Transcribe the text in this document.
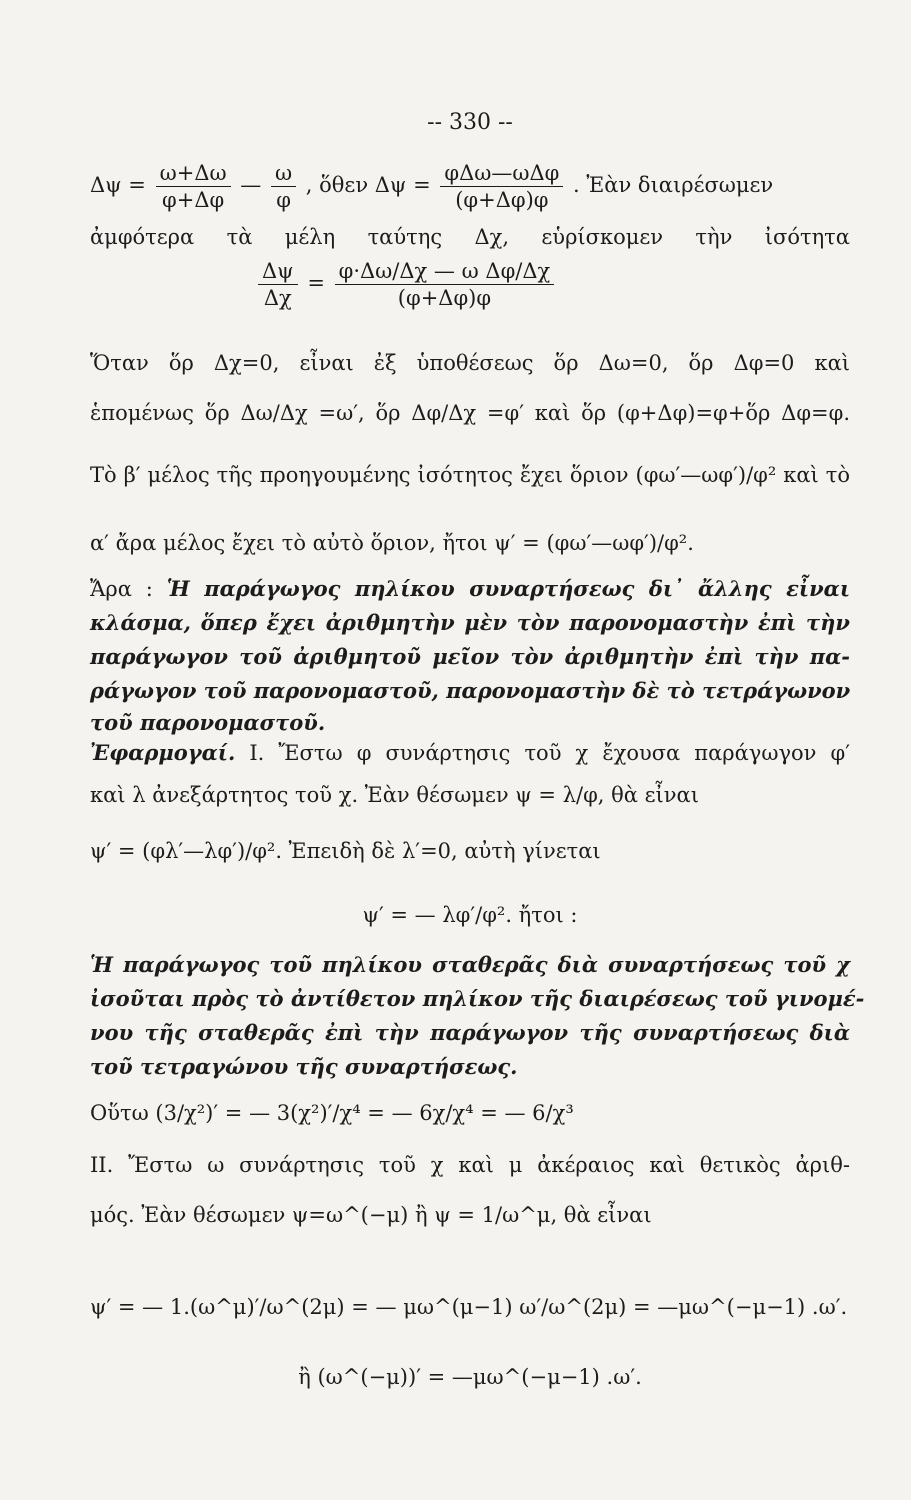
-- 330 --
$\Delta\psi = \frac{\omega+\Delta\omega}{\varphi+\Delta\varphi}$ — $\frac{\omega}{\varphi}$ , ὅθεν $\Delta\psi = \frac{\text{φΔω—ωΔφ}}{(\varphi+\Delta\varphi)\varphi}$ . Ἐὰν διαιρέσωμεν
ἀμφότερα τὰ μέλη ταύτης Δχ, εὑρίσκομεν τὴν ἰσότητα
$\frac{\Delta\psi}{\Delta\chi} = \frac{\text{φ·Δω/Δχ — ω Δφ/Δχ}}{(\varphi+\Delta\varphi)\varphi}$
Ὅταν ὅρ Δχ=0, εἶναι ἐξ ὑποθέσεως ὅρ Δω=0, ὅρ Δφ=0 καὶ
ἑπομένως ὅρ Δω/Δχ =ω′, ὅρ Δφ/Δχ =φ′ καὶ ὅρ (φ+Δφ)=φ+ὅρ Δφ=φ.
Τὸ β′ μέλος τῆς προηγουμένης ἰσότητος ἔχει ὅριον (φω′—ωφ′)/φ² καὶ τὸ
α′ ἄρα μέλος ἔχει τὸ αὐτὸ ὅριον, ἤτοι ψ′ = (φω′—ωφ′)/φ².
Ἄρα : Ἡ παράγωγος πηλίκου συναρτήσεως δι᾽ ἄλλης εἶναι
κλάσμα, ὅπερ ἔχει ἀριθμητὴν μὲν τὸν παρονομαστὴν ἐπὶ τὴν
παράγωγον τοῦ ἀριθμητοῦ μεῖον τὸν ἀριθμητὴν ἐπὶ τὴν πα-
ράγωγον τοῦ παρονομαστοῦ, παρονομαστὴν δὲ τὸ τετράγωνον
τοῦ παρονομαστοῦ.
Ἐφαρμογαί. I. Ἔστω φ συνάρτησις τοῦ χ ἔχουσα παράγωγον φ′
καὶ λ ἀνεξάρτητος τοῦ χ. Ἐὰν θέσωμεν ψ = λ/φ, θὰ εἶναι
ψ′ = (φλ′—λφ′)/φ². Ἐπειδὴ δὲ λ′=0, αὐτὴ γίνεται
ψ′ = — λφ′/φ². ἤτοι :
Ἡ παράγωγος τοῦ πηλίκου σταθερᾶς διὰ συναρτήσεως τοῦ χ
ἰσοῦται πρὸς τὸ ἀντίθετον πηλίκον τῆς διαιρέσεως τοῦ γινομέ-
νου τῆς σταθερᾶς ἐπὶ τὴν παράγωγον τῆς συναρτήσεως διὰ
τοῦ τετραγώνου τῆς συναρτήσεως.
Οὕτω (3/χ²)′ = — 3(χ²)′/χ⁴ = — 6χ/χ⁴ = — 6/χ³
II. Ἔστω ω συνάρτησις τοῦ χ καὶ μ ἀκέραιος καὶ θετικὸς ἀριθ-
μός. Ἐὰν θέσωμεν ψ=ω^(−μ) ἢ ψ = 1/ω^μ, θὰ εἶναι
ψ′ = — 1.(ω^μ)′/ω^(2μ) = — μω^(μ−1) ω′/ω^(2μ) = —μω^(−μ−1) .ω′.
ἢ (ω^(−μ))′ = —μω^(−μ−1) .ω′.
